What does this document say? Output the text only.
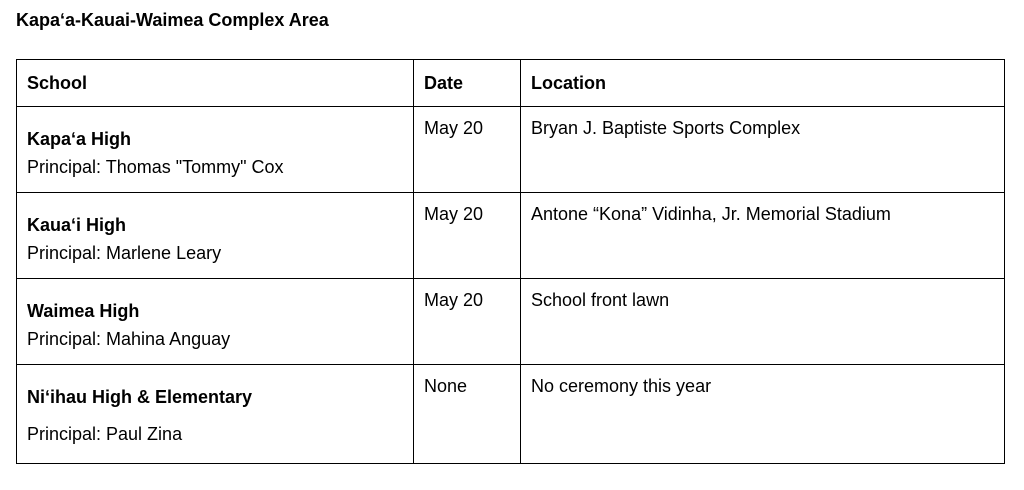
Kapaʻa-Kauai-Waimea Complex Area
School	Date	Location

Kapaʻa High
Principal: Thomas "Tommy" Cox	May 20	Bryan J. Baptiste Sports Complex

Kauaʻi High
Principal: Marlene Leary	May 20	Antone “Kona” Vidinha, Jr. Memorial Stadium

Waimea High
Principal: Mahina Anguay	May 20	School front lawn

Niʻihau High & Elementary
Principal: Paul Zina	None	No ceremony this year
